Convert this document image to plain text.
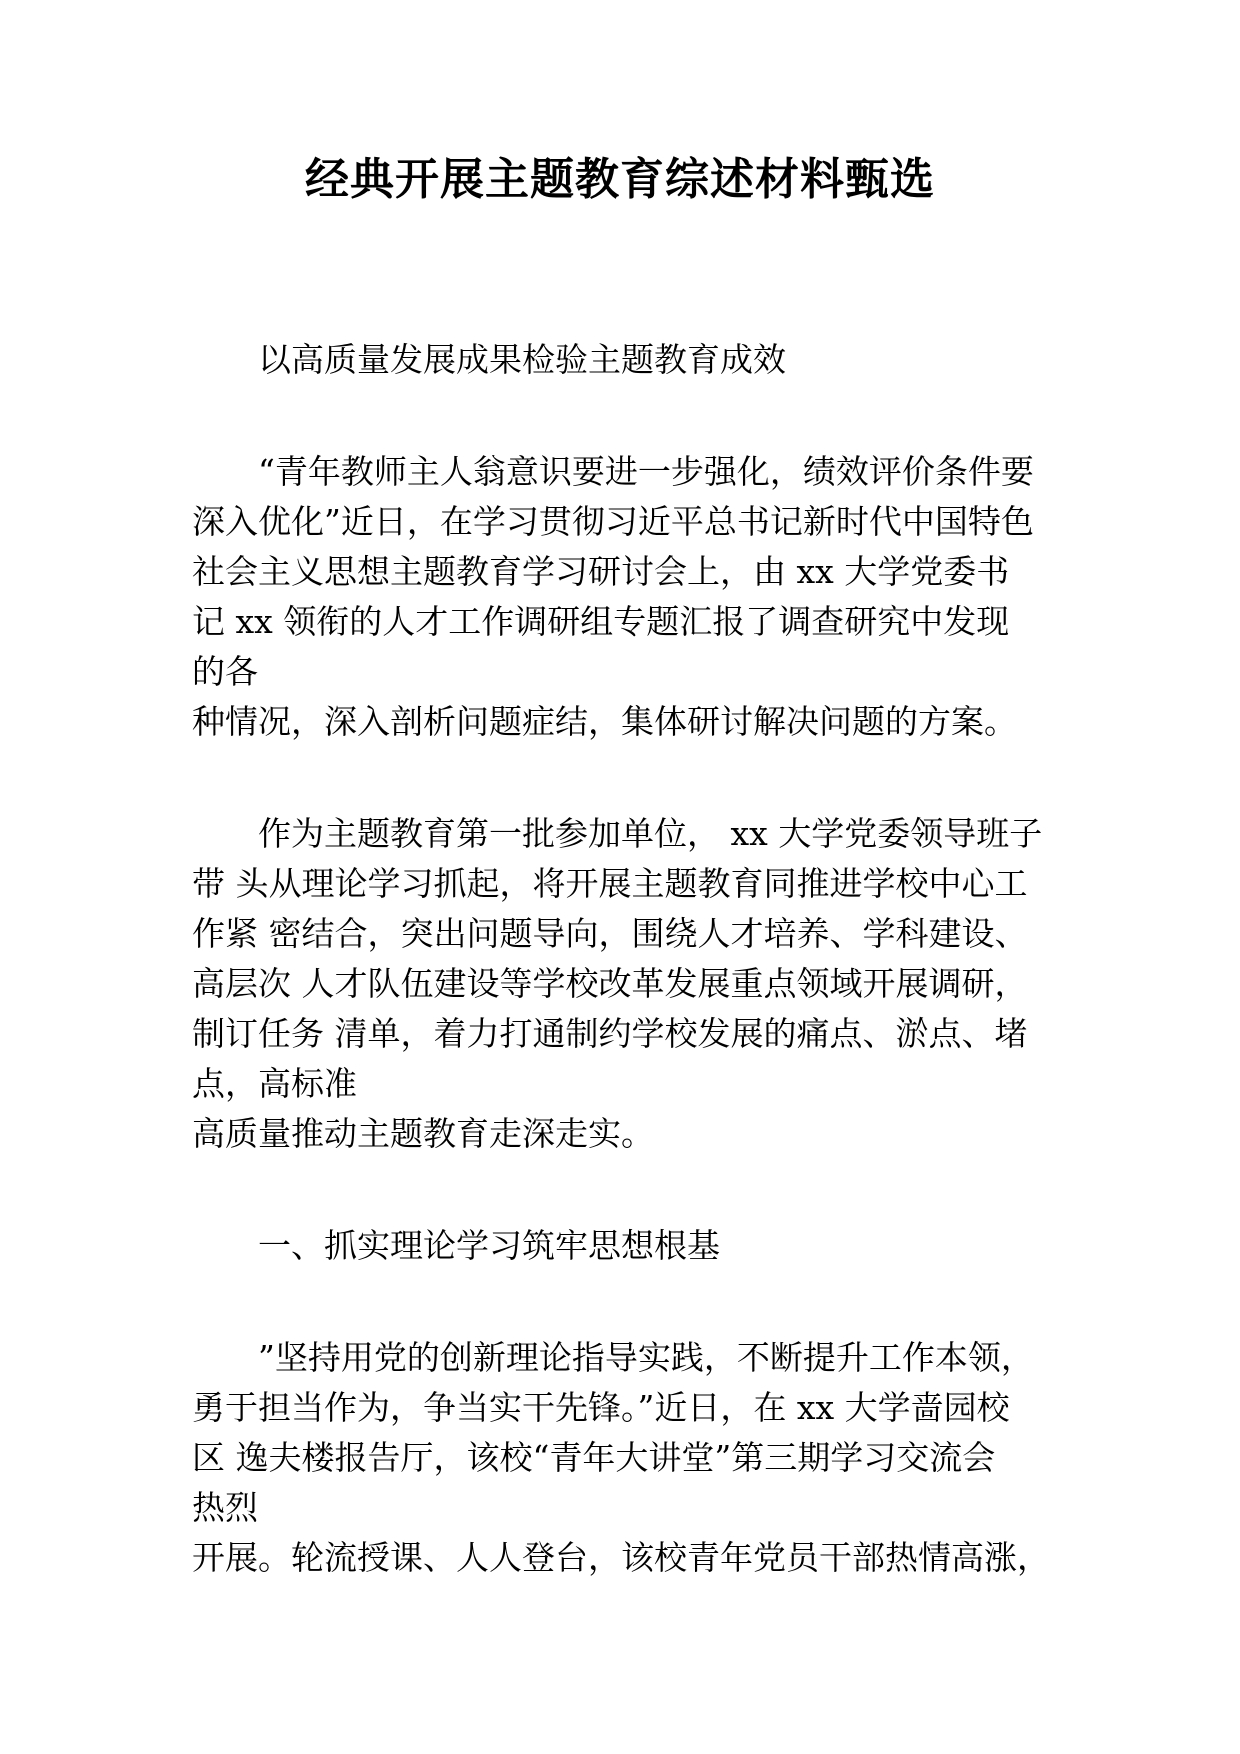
经典开展主题教育综述材料甄选
以高质量发展成果检验主题教育成效
“青年教师主人翁意识要进一步强化，绩效评价条件要
深入优化”近日，在学习贯彻习近平总书记新时代中国特色
社会主义思想主题教育学习研讨会上，由 xx 大学党委书
记 xx 领衔的人才工作调研组专题汇报了调查研究中发现
的各
种情况，深入剖析问题症结，集体研讨解决问题的方案。
作为主题教育第一批参加单位， xx 大学党委领导班子
带 头从理论学习抓起，将开展主题教育同推进学校中心工
作紧 密结合，突出问题导向，围绕人才培养、学科建设、
高层次 人才队伍建设等学校改革发展重点领域开展调研，
制订任务 清单，着力打通制约学校发展的痛点、淤点、堵
点，高标准
高质量推动主题教育走深走实。
一、抓实理论学习筑牢思想根基
”坚持用党的创新理论指导实践，不断提升工作本领，
勇于担当作为，争当实干先锋。”近日，在 xx 大学啬园校
区 逸夫楼报告厅，该校“青年大讲堂”第三期学习交流会
热烈
开展。轮流授课、人人登台，该校青年党员干部热情高涨，
